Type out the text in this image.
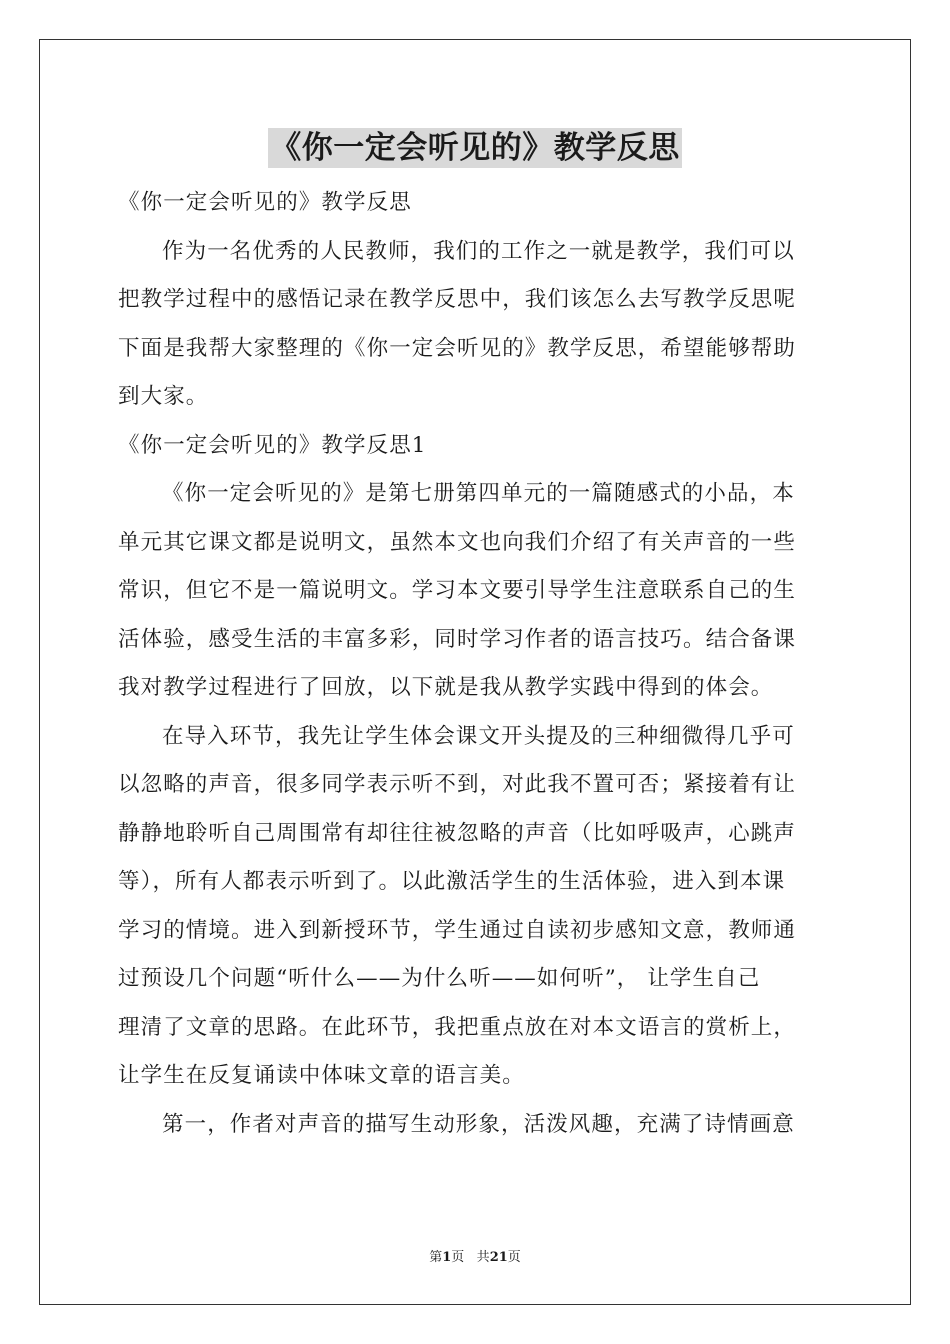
《你一定会听见的》教学反思
《你一定会听见的》教学反思
作为一名优秀的人民教师，我们的工作之一就是教学，我们可以
把教学过程中的感悟记录在教学反思中，我们该怎么去写教学反思呢
下面是我帮大家整理的《你一定会听见的》教学反思，希望能够帮助
到大家。
《你一定会听见的》教学反思1
《你一定会听见的》是第七册第四单元的一篇随感式的小品，本
单元其它课文都是说明文，虽然本文也向我们介绍了有关声音的一些
常识，但它不是一篇说明文。学习本文要引导学生注意联系自己的生
活体验，感受生活的丰富多彩，同时学习作者的语言技巧。结合备课
我对教学过程进行了回放，以下就是我从教学实践中得到的体会。
在导入环节，我先让学生体会课文开头提及的三种细微得几乎可
以忽略的声音，很多同学表示听不到，对此我不置可否；紧接着有让
静静地聆听自己周围常有却往往被忽略的声音（比如呼吸声，心跳声
等），所有人都表示听到了。以此激活学生的生活体验，进入到本课
学习的情境。进入到新授环节，学生通过自读初步感知文意，教师通
过预设几个问题“听什么——为什么听——如何听”， 让学生自己
理清了文章的思路。在此环节，我把重点放在对本文语言的赏析上，
让学生在反复诵读中体味文章的语言美。
第一，作者对声音的描写生动形象，活泼风趣，充满了诗情画意
第1页 共21页
